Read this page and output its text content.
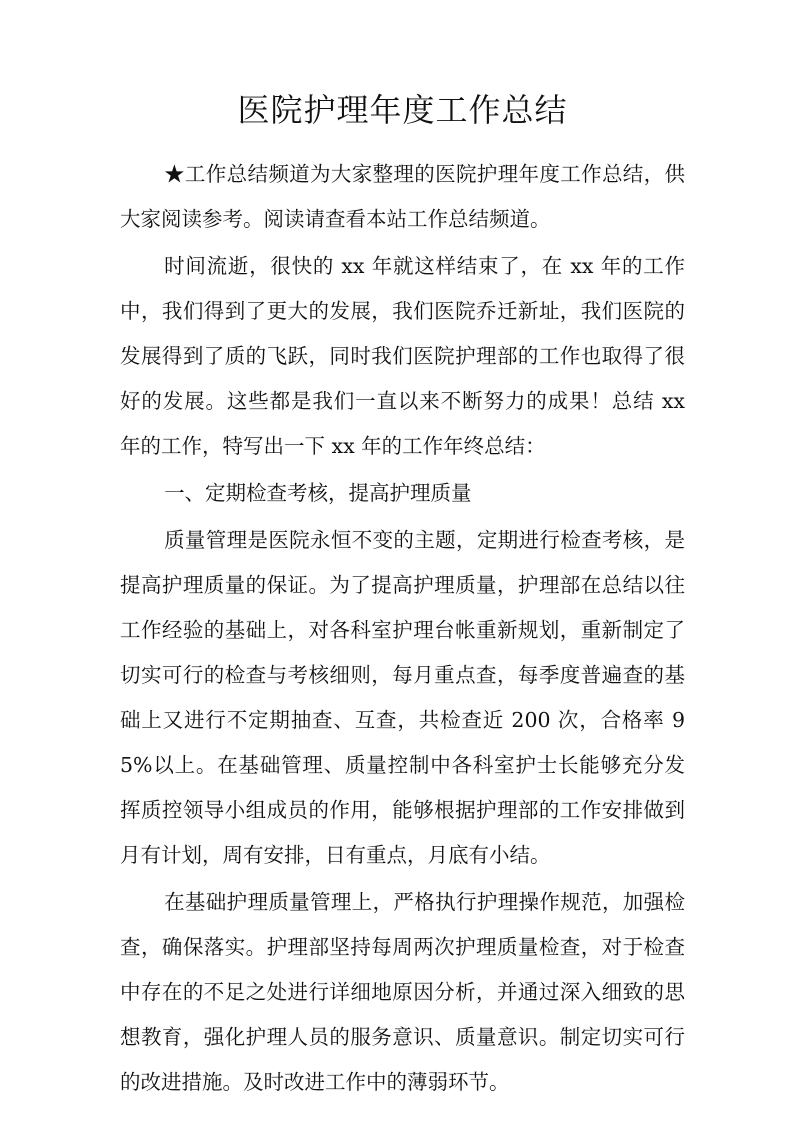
医院护理年度工作总结

★工作总结频道为大家整理的医院护理年度工作总结，供大家阅读参考。阅读请查看本站工作总结频道。

时间流逝，很快的 xx 年就这样结束了，在 xx 年的工作中，我们得到了更大的发展，我们医院乔迁新址，我们医院的发展得到了质的飞跃，同时我们医院护理部的工作也取得了很好的发展。这些都是我们一直以来不断努力的成果！总结 xx 年的工作，特写出一下 xx 年的工作年终总结：

一、定期检查考核，提高护理质量

质量管理是医院永恒不变的主题，定期进行检查考核，是提高护理质量的保证。为了提高护理质量，护理部在总结以往工作经验的基础上，对各科室护理台帐重新规划，重新制定了切实可行的检查与考核细则，每月重点查，每季度普遍查的基础上又进行不定期抽查、互查，共检查近 200 次，合格率 95%以上。在基础管理、质量控制中各科室护士长能够充分发挥质控领导小组成员的作用，能够根据护理部的工作安排做到月有计划，周有安排，日有重点，月底有小结。

在基础护理质量管理上，严格执行护理操作规范，加强检查，确保落实。护理部坚持每周两次护理质量检查，对于检查中存在的不足之处进行详细地原因分析，并通过深入细致的思想教育，强化护理人员的服务意识、质量意识。制定切实可行的改进措施。及时改进工作中的薄弱环节。
